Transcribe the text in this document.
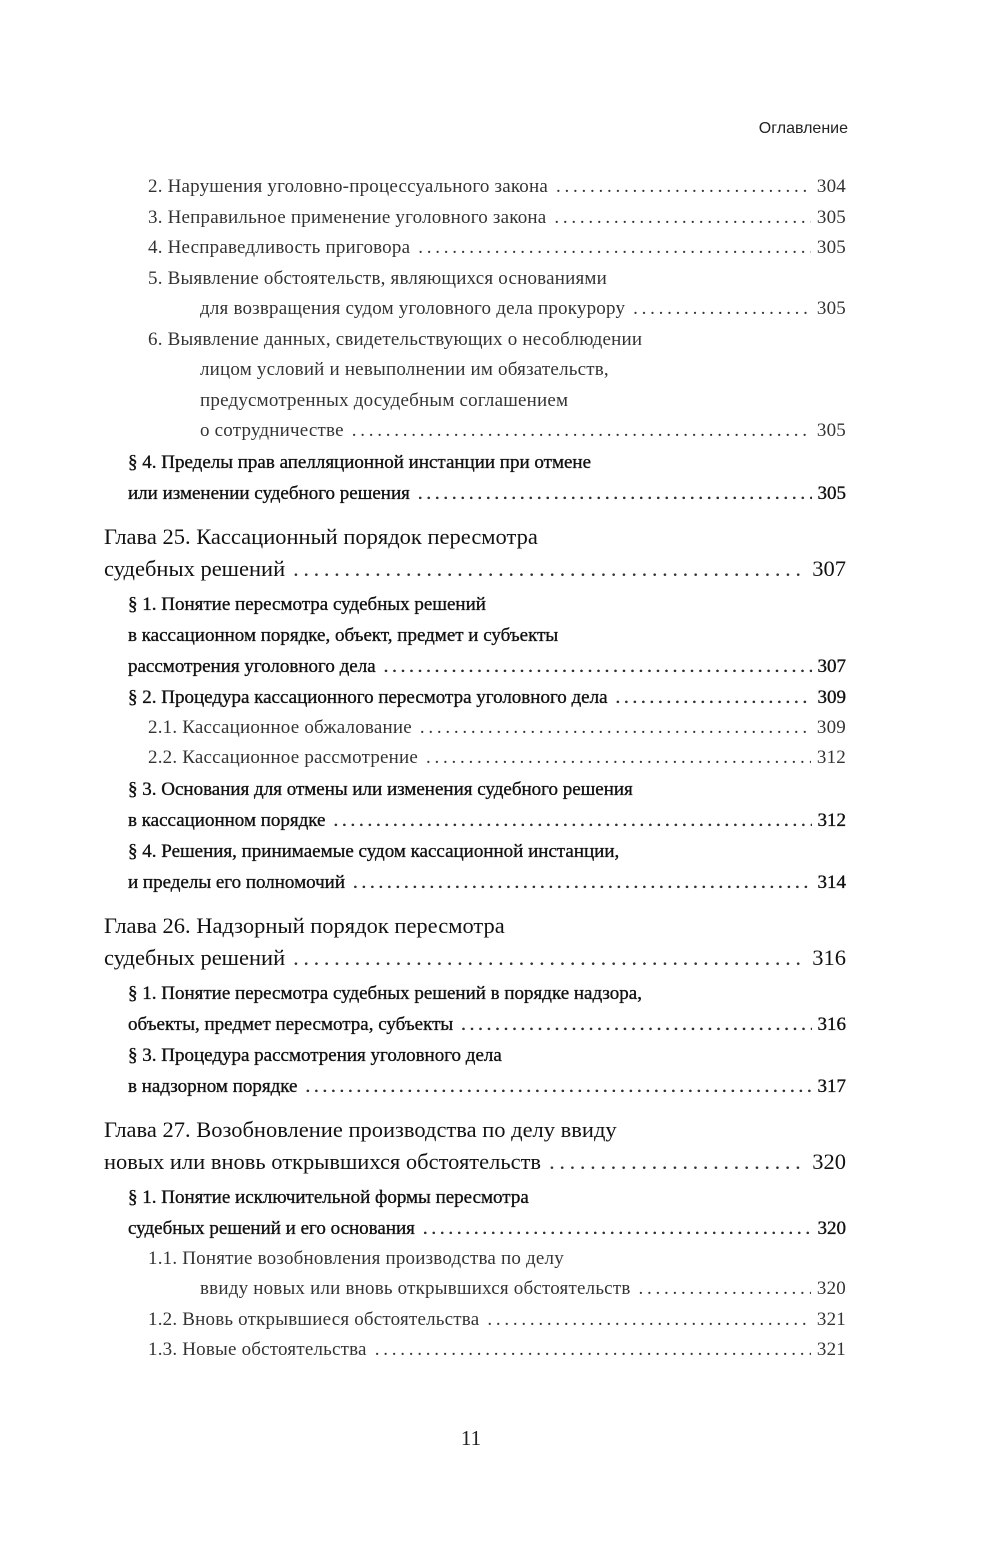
Оглавление
2. Нарушения уголовно-процессуального закона . . .	304
3. Неправильное применение уголовного закона . . .	305
4. Несправедливость приговора . . .	305
5. Выявление обстоятельств, являющихся основаниями
для возвращения судом уголовного дела прокурору . . .	305
6. Выявление данных, свидетельствующих о несоблюдении
лицом условий и невыполнении им обязательств,
предусмотренных досудебным соглашением
о сотрудничестве . . .	305
§ 4. Пределы прав апелляционной инстанции при отмене
или изменении судебного решения . . .	305
Глава 25. Кассационный порядок пересмотра
судебных решений . . .	307
§ 1. Понятие пересмотра судебных решений
в кассационном порядке, объект, предмет и субъекты
рассмотрения уголовного дела . . .	307
§ 2. Процедура кассационного пересмотра уголовного дела . . .	309
2.1. Кассационное обжалование . . .	309
2.2. Кассационное рассмотрение . . .	312
§ 3. Основания для отмены или изменения судебного решения
в кассационном порядке . . .	312
§ 4. Решения, принимаемые судом кассационной инстанции,
и пределы его полномочий . . .	314
Глава 26. Надзорный порядок пересмотра
судебных решений . . .	316
§ 1. Понятие пересмотра судебных решений в порядке надзора,
объекты, предмет пересмотра, субъекты . . .	316
§ 3. Процедура рассмотрения уголовного дела
в надзорном порядке . . .	317
Глава 27. Возобновление производства по делу ввиду
новых или вновь открывшихся обстоятельств . . .	320
§ 1. Понятие исключительной формы пересмотра
судебных решений и его основания . . .	320
1.1. Понятие возобновления производства по делу
ввиду новых или вновь открывшихся обстоятельств . . .	320
1.2. Вновь открывшиеся обстоятельства . . .	321
1.3. Новые обстоятельства . . .	321
11
